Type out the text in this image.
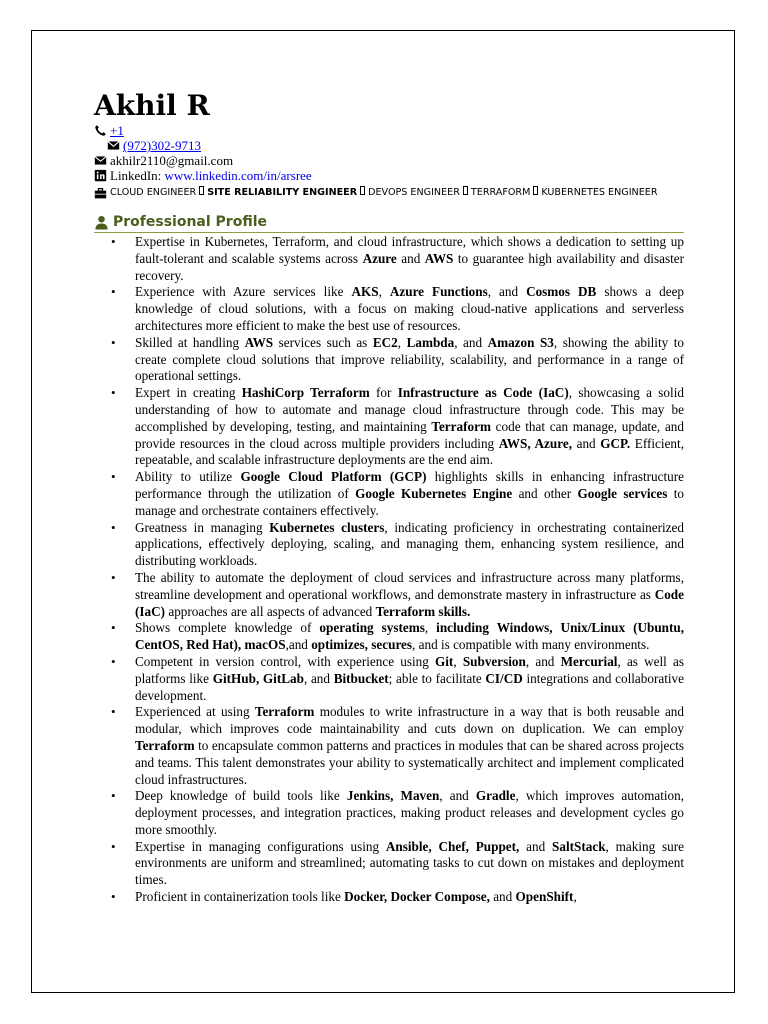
Akhil R
+1
(972)302-9713
akhilr2110@gmail.com
LinkedIn:
www.linkedin.com/in/arsree
CLOUD ENGINEER SITE RELIABILITY ENGINEER DEVOPS ENGINEER TERRAFORM KUBERNETES ENGINEER
Professional Profile
• Expertise in Kubernetes, Terraform, and cloud infrastructure, which shows a dedication to setting up fault-tolerant and scalable systems across Azure and AWS to guarantee high availability and disaster recovery.
• Experience with Azure services like AKS, Azure Functions, and Cosmos DB shows a deep knowledge of cloud solutions, with a focus on making cloud-native applications and serverless architectures more efficient to make the best use of resources.
• Skilled at handling AWS services such as EC2, Lambda, and Amazon S3, showing the ability to create complete cloud solutions that improve reliability, scalability, and performance in a range of operational settings.
• Expert in creating HashiCorp Terraform for Infrastructure as Code (IaC), showcasing a solid understanding of how to automate and manage cloud infrastructure through code. This may be accomplished by developing, testing, and maintaining Terraform code that can manage, update, and provide resources in the cloud across multiple providers including AWS, Azure, and GCP. Efficient, repeatable, and scalable infrastructure deployments are the end aim.
• Ability to utilize Google Cloud Platform (GCP) highlights skills in enhancing infrastructure performance through the utilization of Google Kubernetes Engine and other Google services to manage and orchestrate containers effectively.
• Greatness in managing Kubernetes clusters, indicating proficiency in orchestrating containerized applications, effectively deploying, scaling, and managing them, enhancing system resilience, and distributing workloads.
• The ability to automate the deployment of cloud services and infrastructure across many platforms, streamline development and operational workflows, and demonstrate mastery in infrastructure as Code (IaC) approaches are all aspects of advanced Terraform skills.
• Shows complete knowledge of operating systems, including Windows, Unix/Linux (Ubuntu, CentOS, Red Hat), macOS,and optimizes, secures, and is compatible with many environments.
• Competent in version control, with experience using Git, Subversion, and Mercurial, as well as platforms like GitHub, GitLab, and Bitbucket; able to facilitate CI/CD integrations and collaborative development.
• Experienced at using Terraform modules to write infrastructure in a way that is both reusable and modular, which improves code maintainability and cuts down on duplication. We can employ Terraform to encapsulate common patterns and practices in modules that can be shared across projects and teams. This talent demonstrates your ability to systematically architect and implement complicated cloud infrastructures.
• Deep knowledge of build tools like Jenkins, Maven, and Gradle, which improves automation, deployment processes, and integration practices, making product releases and development cycles go more smoothly.
• Expertise in managing configurations using Ansible, Chef, Puppet, and SaltStack, making sure environments are uniform and streamlined; automating tasks to cut down on mistakes and deployment times.
• Proficient in containerization tools like Docker, Docker Compose, and OpenShift,
